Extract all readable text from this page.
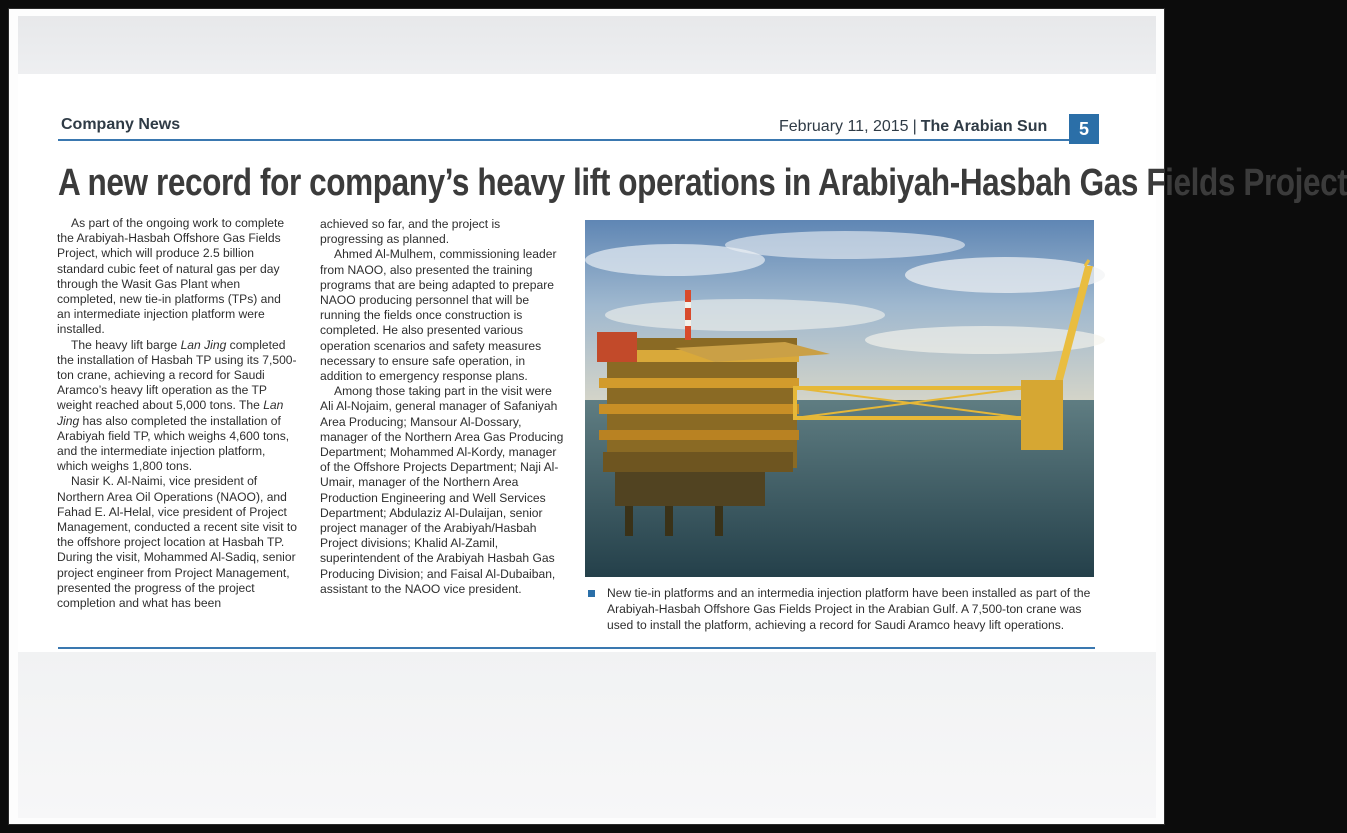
Company News	February 11, 2015 | The Arabian Sun	5
A new record for company’s heavy lift operations in Arabiyah-Hasbah Gas Fields Project

As part of the ongoing work to complete the Arabiyah-Hasbah Offshore Gas Fields Project, which will produce 2.5 billion standard cubic feet of natural gas per day through the Wasit Gas Plant when completed, new tie-in platforms (TPs) and an intermediate injection platform were installed.

The heavy lift barge Lan Jing completed the installation of Hasbah TP using its 7,500-ton crane, achieving a record for Saudi Aramco’s heavy lift operation as the TP weight reached about 5,000 tons. The Lan Jing has also completed the installation of Arabiyah field TP, which weighs 4,600 tons, and the intermediate injection platform, which weighs 1,800 tons.

Nasir K. Al-Naimi, vice president of Northern Area Oil Operations (NAOO), and Fahad E. Al-Helal, vice president of Project Management, conducted a recent site visit to the offshore project location at Hasbah TP. During the visit, Mohammed Al-Sadiq, senior project engineer from Project Management, presented the progress of the project completion and what has been

achieved so far, and the project is progressing as planned.

Ahmed Al-Mulhem, commissioning leader from NAOO, also presented the training programs that are being adapted to prepare NAOO producing personnel that will be running the fields once construction is completed. He also presented various operation scenarios and safety measures necessary to ensure safe operation, in addition to emergency response plans.

Among those taking part in the visit were Ali Al-Nojaim, general manager of Safaniyah Area Producing; Mansour Al-Dossary, manager of the Northern Area Gas Producing Department; Mohammed Al-Kordy, manager of the Offshore Projects Department; Naji Al-Umair, manager of the Northern Area Production Engineering and Well Services Department; Abdulaziz Al-Dulaijan, senior project manager of the Arabiyah/Hasbah Project divisions; Khalid Al-Zamil, superintendent of the Arabiyah Hasbah Gas Producing Division; and Faisal Al-Dubaiban, assistant to the NAOO vice president.	New tie-in platforms and an intermedia injection platform have been installed as part of the Arabiyah-Hasbah Offshore Gas Fields Project in the Arabian Gulf. A 7,500-ton crane was used to install the platform, achieving a record for Saudi Aramco heavy lift operations.
